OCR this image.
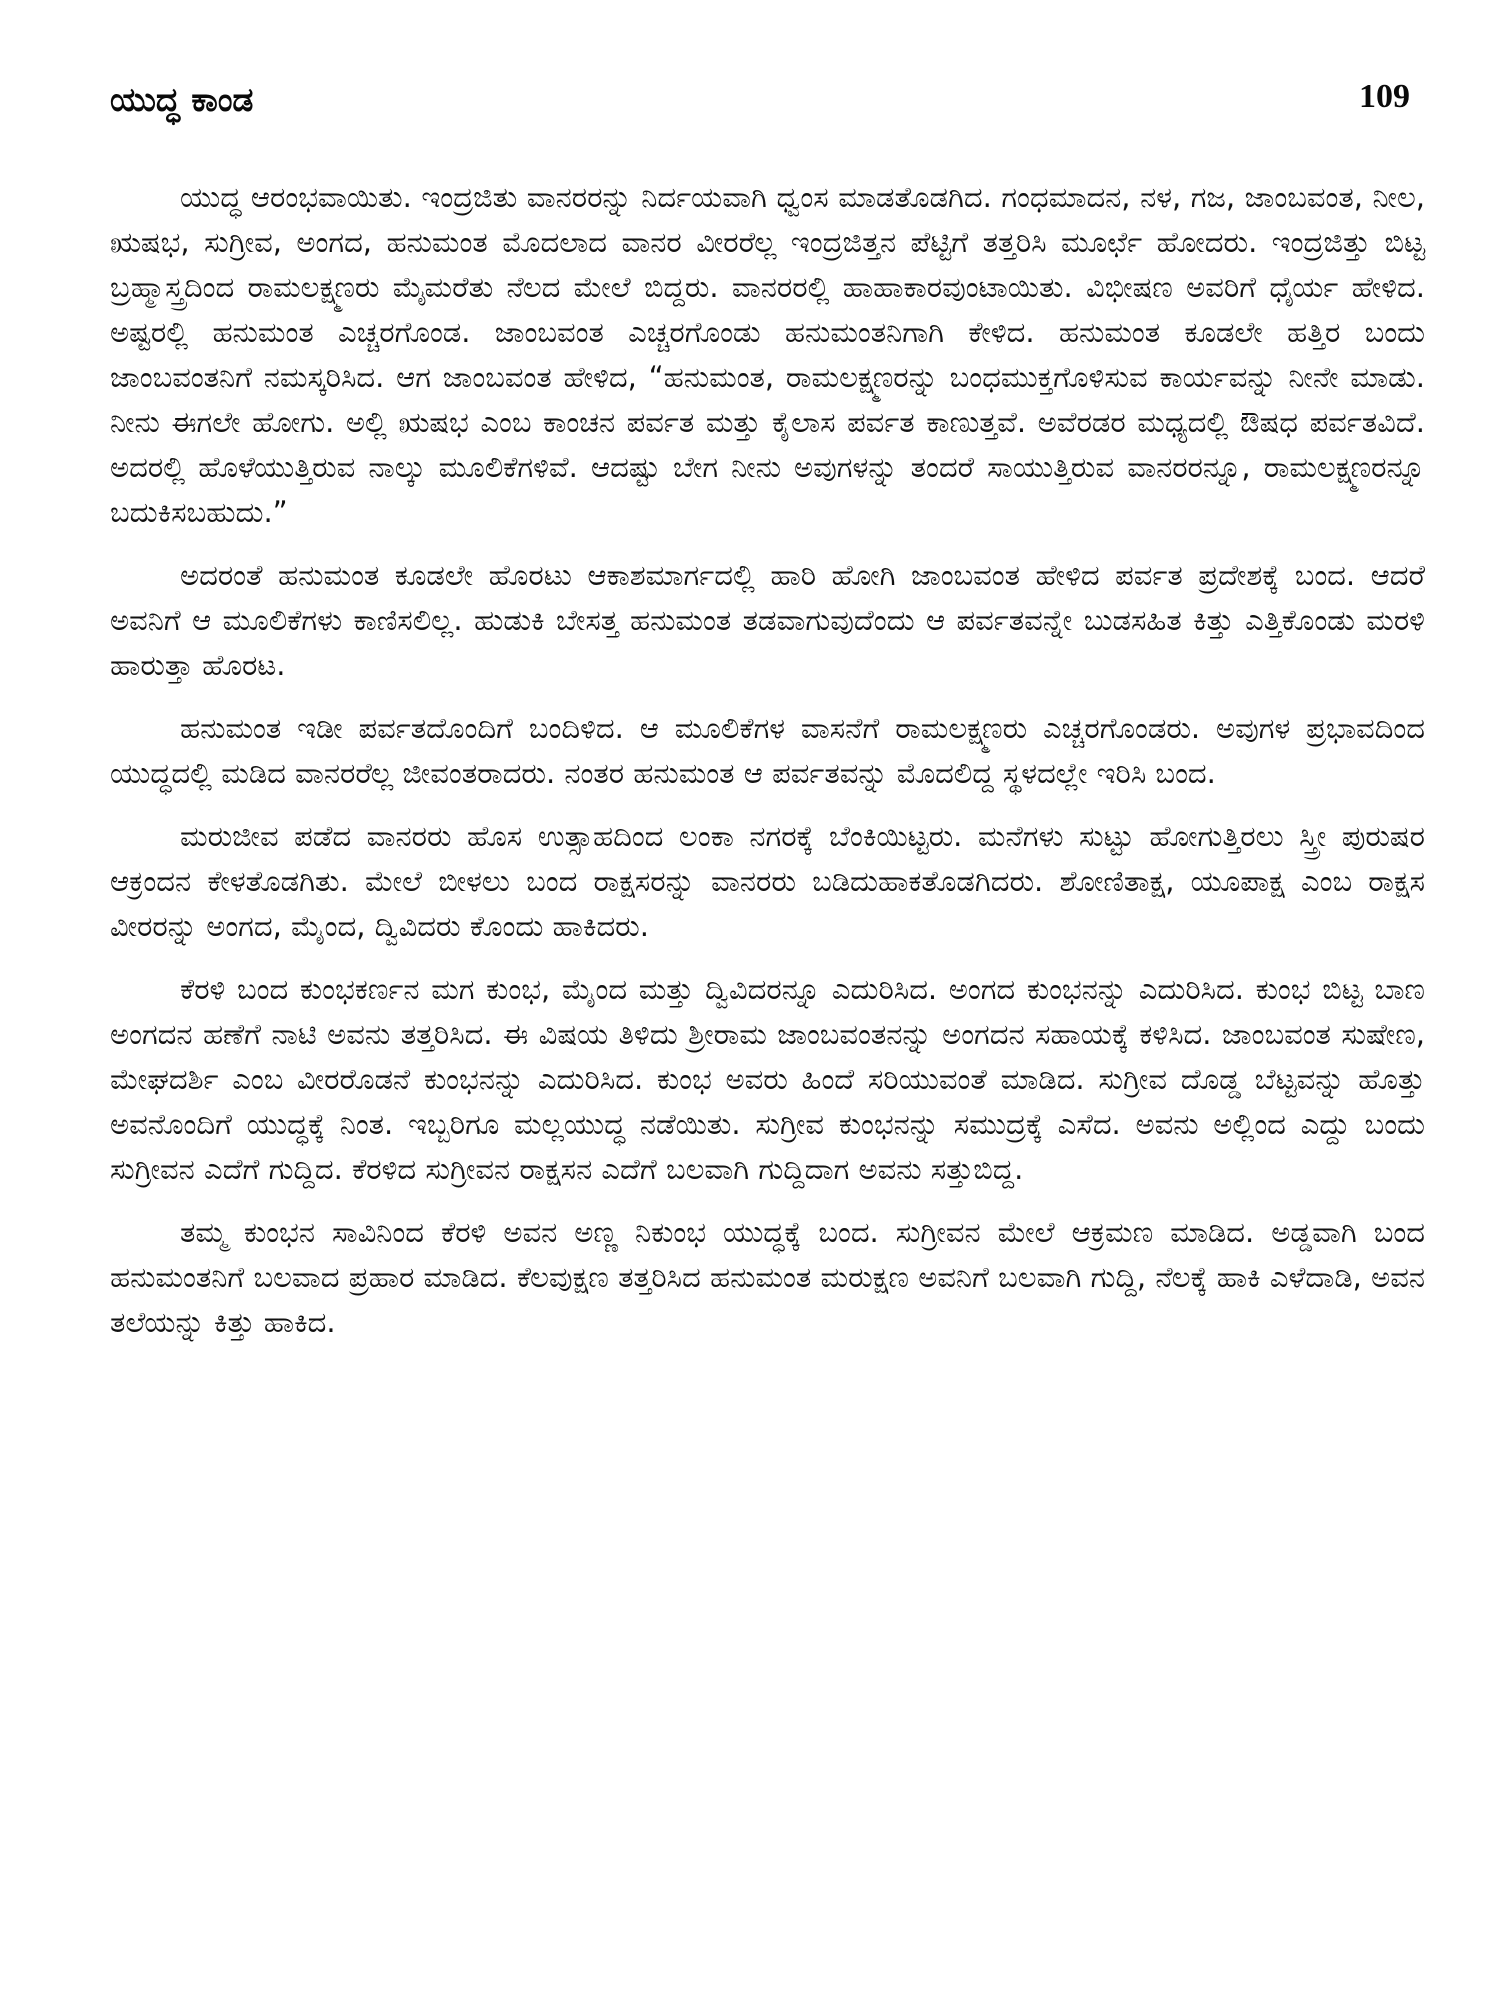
ಯುದ್ಧ ಕಾಂಡ	109

ಯುದ್ಧ ಆರಂಭವಾಯಿತು. ಇಂದ್ರಜಿತು ವಾನರರನ್ನು ನಿರ್ದಯವಾಗಿ ಧ್ವಂಸ ಮಾಡತೊಡಗಿದ. ಗಂಧಮಾದನ, ನಳ, ಗಜ, ಜಾಂಬವಂತ, ನೀಲ, ಋಷಭ, ಸುಗ್ರೀವ, ಅಂಗದ, ಹನುಮಂತ ಮೊದಲಾದ ವಾನರ ವೀರರೆಲ್ಲ ಇಂದ್ರಜಿತ್ತನ ಪೆಟ್ಟಿಗೆ ತತ್ತರಿಸಿ ಮೂರ್ಛೆ ಹೋದರು. ಇಂದ್ರಜಿತ್ತು ಬಿಟ್ಟ ಬ್ರಹ್ಮಾಸ್ತ್ರದಿಂದ ರಾಮಲಕ್ಷ್ಮಣರು ಮೈಮರೆತು ನೆಲದ ಮೇಲೆ ಬಿದ್ದರು. ವಾನರರಲ್ಲಿ ಹಾಹಾಕಾರವುಂಟಾಯಿತು. ವಿಭೀಷಣ ಅವರಿಗೆ ಧೈರ್ಯ ಹೇಳಿದ. ಅಷ್ಟರಲ್ಲಿ ಹನುಮಂತ ಎಚ್ಚರಗೊಂಡ. ಜಾಂಬವಂತ ಎಚ್ಚರಗೊಂಡು ಹನುಮಂತನಿಗಾಗಿ ಕೇಳಿದ. ಹನುಮಂತ ಕೂಡಲೇ ಹತ್ತಿರ ಬಂದು ಜಾಂಬವಂತನಿಗೆ ನಮಸ್ಕರಿಸಿದ. ಆಗ ಜಾಂಬವಂತ ಹೇಳಿದ, “ಹನುಮಂತ, ರಾಮಲಕ್ಷ್ಮಣರನ್ನು ಬಂಧಮುಕ್ತಗೊಳಿಸುವ ಕಾರ್ಯವನ್ನು ನೀನೇ ಮಾಡು. ನೀನು ಈಗಲೇ ಹೋಗು. ಅಲ್ಲಿ ಋಷಭ ಎಂಬ ಕಾಂಚನ ಪರ್ವತ ಮತ್ತು ಕೈಲಾಸ ಪರ್ವತ ಕಾಣುತ್ತವೆ. ಅವೆರಡರ ಮಧ್ಯದಲ್ಲಿ ಔಷಧ ಪರ್ವತವಿದೆ. ಅದರಲ್ಲಿ ಹೊಳೆಯುತ್ತಿರುವ ನಾಲ್ಕು ಮೂಲಿಕೆಗಳಿವೆ. ಆದಷ್ಟು ಬೇಗ ನೀನು ಅವುಗಳನ್ನು ತಂದರೆ ಸಾಯುತ್ತಿರುವ ವಾನರರನ್ನೂ, ರಾಮಲಕ್ಷ್ಮಣರನ್ನೂ ಬದುಕಿಸಬಹುದು.”

ಅದರಂತೆ ಹನುಮಂತ ಕೂಡಲೇ ಹೊರಟು ಆಕಾಶಮಾರ್ಗದಲ್ಲಿ ಹಾರಿ ಹೋಗಿ ಜಾಂಬವಂತ ಹೇಳಿದ ಪರ್ವತ ಪ್ರದೇಶಕ್ಕೆ ಬಂದ. ಆದರೆ ಅವನಿಗೆ ಆ ಮೂಲಿಕೆಗಳು ಕಾಣಿಸಲಿಲ್ಲ. ಹುಡುಕಿ ಬೇಸತ್ತ ಹನುಮಂತ ತಡವಾಗುವುದೆಂದು ಆ ಪರ್ವತವನ್ನೇ ಬುಡಸಹಿತ ಕಿತ್ತು ಎತ್ತಿಕೊಂಡು ಮರಳಿ ಹಾರುತ್ತಾ ಹೊರಟ.

ಹನುಮಂತ ಇಡೀ ಪರ್ವತದೊಂದಿಗೆ ಬಂದಿಳಿದ. ಆ ಮೂಲಿಕೆಗಳ ವಾಸನೆಗೆ ರಾಮಲಕ್ಷ್ಮಣರು ಎಚ್ಚರಗೊಂಡರು. ಅವುಗಳ ಪ್ರಭಾವದಿಂದ ಯುದ್ಧದಲ್ಲಿ ಮಡಿದ ವಾನರರೆಲ್ಲ ಜೀವಂತರಾದರು. ನಂತರ ಹನುಮಂತ ಆ ಪರ್ವತವನ್ನು ಮೊದಲಿದ್ದ ಸ್ಥಳದಲ್ಲೇ ಇರಿಸಿ ಬಂದ.

ಮರುಜೀವ ಪಡೆದ ವಾನರರು ಹೊಸ ಉತ್ಸಾಹದಿಂದ ಲಂಕಾ ನಗರಕ್ಕೆ ಬೆಂಕಿಯಿಟ್ಟರು. ಮನೆಗಳು ಸುಟ್ಟು ಹೋಗುತ್ತಿರಲು ಸ್ತ್ರೀ ಪುರುಷರ ಆಕ್ರಂದನ ಕೇಳತೊಡಗಿತು. ಮೇಲೆ ಬೀಳಲು ಬಂದ ರಾಕ್ಷಸರನ್ನು ವಾನರರು ಬಡಿದುಹಾಕತೊಡಗಿದರು. ಶೋಣಿತಾಕ್ಷ, ಯೂಪಾಕ್ಷ ಎಂಬ ರಾಕ್ಷಸ ವೀರರನ್ನು ಅಂಗದ, ಮೈಂದ, ದ್ವಿವಿದರು ಕೊಂದು ಹಾಕಿದರು.

ಕೆರಳಿ ಬಂದ ಕುಂಭಕರ್ಣನ ಮಗ ಕುಂಭ, ಮೈಂದ ಮತ್ತು ದ್ವಿವಿದರನ್ನೂ ಎದುರಿಸಿದ. ಅಂಗದ ಕುಂಭನನ್ನು ಎದುರಿಸಿದ. ಕುಂಭ ಬಿಟ್ಟ ಬಾಣ ಅಂಗದನ ಹಣೆಗೆ ನಾಟಿ ಅವನು ತತ್ತರಿಸಿದ. ಈ ವಿಷಯ ತಿಳಿದು ಶ್ರೀರಾಮ ಜಾಂಬವಂತನನ್ನು ಅಂಗದನ ಸಹಾಯಕ್ಕೆ ಕಳಿಸಿದ. ಜಾಂಬವಂತ ಸುಷೇಣ, ಮೇಘದರ್ಶಿ ಎಂಬ ವೀರರೊಡನೆ ಕುಂಭನನ್ನು ಎದುರಿಸಿದ. ಕುಂಭ ಅವರು ಹಿಂದೆ ಸರಿಯುವಂತೆ ಮಾಡಿದ. ಸುಗ್ರೀವ ದೊಡ್ಡ ಬೆಟ್ಟವನ್ನು ಹೊತ್ತು ಅವನೊಂದಿಗೆ ಯುದ್ಧಕ್ಕೆ ನಿಂತ. ಇಬ್ಬರಿಗೂ ಮಲ್ಲಯುದ್ಧ ನಡೆಯಿತು. ಸುಗ್ರೀವ ಕುಂಭನನ್ನು ಸಮುದ್ರಕ್ಕೆ ಎಸೆದ. ಅವನು ಅಲ್ಲಿಂದ ಎದ್ದು ಬಂದು ಸುಗ್ರೀವನ ಎದೆಗೆ ಗುದ್ದಿದ. ಕೆರಳಿದ ಸುಗ್ರೀವನ ರಾಕ್ಷಸನ ಎದೆಗೆ ಬಲವಾಗಿ ಗುದ್ದಿದಾಗ ಅವನು ಸತ್ತುಬಿದ್ದ.

ತಮ್ಮ ಕುಂಭನ ಸಾವಿನಿಂದ ಕೆರಳಿ ಅವನ ಅಣ್ಣ ನಿಕುಂಭ ಯುದ್ಧಕ್ಕೆ ಬಂದ. ಸುಗ್ರೀವನ ಮೇಲೆ ಆಕ್ರಮಣ ಮಾಡಿದ. ಅಡ್ಡವಾಗಿ ಬಂದ ಹನುಮಂತನಿಗೆ ಬಲವಾದ ಪ್ರಹಾರ ಮಾಡಿದ. ಕೆಲವುಕ್ಷಣ ತತ್ತರಿಸಿದ ಹನುಮಂತ ಮರುಕ್ಷಣ ಅವನಿಗೆ ಬಲವಾಗಿ ಗುದ್ದಿ, ನೆಲಕ್ಕೆ ಹಾಕಿ ಎಳೆದಾಡಿ, ಅವನ ತಲೆಯನ್ನು ಕಿತ್ತು ಹಾಕಿದ.
